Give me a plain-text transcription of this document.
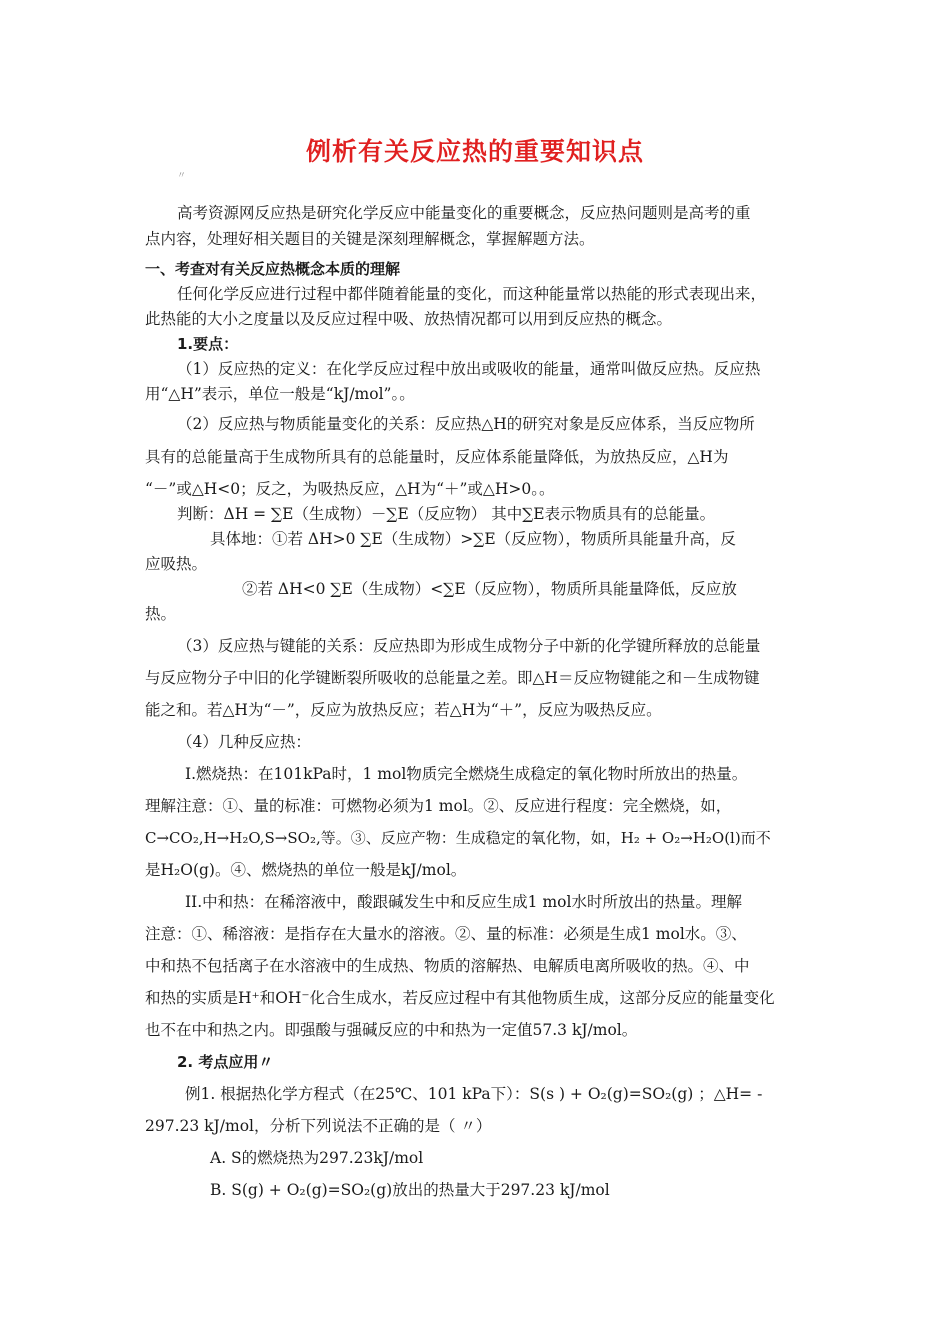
例析有关反应热的重要知识点
〃
高考资源网反应热是研究化学反应中能量变化的重要概念，反应热问题则是高考的重
点内容，处理好相关题目的关键是深刻理解概念，掌握解题方法。
一、考查对有关反应热概念本质的理解
任何化学反应进行过程中都伴随着能量的变化，而这种能量常以热能的形式表现出来，
此热能的大小之度量以及反应过程中吸、放热情况都可以用到反应热的概念。
1.要点：
（1）反应热的定义：在化学反应过程中放出或吸收的能量，通常叫做反应热。反应热
用“△H”表示，单位一般是“kJ/mol”。。
（2）反应热与物质能量变化的关系：反应热△H的研究对象是反应体系，当反应物所
具有的总能量高于生成物所具有的总能量时，反应体系能量降低，为放热反应，△H为
“－”或△H<0；反之，为吸热反应，△H为“＋”或△H>0。。
判断：ΔH = ∑E（生成物）－∑E（反应物） 其中∑E表示物质具有的总能量。
具体地：①若 ΔH>0 ∑E（生成物）>∑E（反应物），物质所具能量升高，反
应吸热。
②若 ΔH<0 ∑E（生成物）<∑E（反应物），物质所具能量降低，反应放
热。
（3）反应热与键能的关系：反应热即为形成生成物分子中新的化学键所释放的总能量
与反应物分子中旧的化学键断裂所吸收的总能量之差。即△H＝反应物键能之和－生成物键
能之和。若△H为“－”，反应为放热反应；若△H为“＋”，反应为吸热反应。
（4）几种反应热：
I.燃烧热：在101kPa时，1 mol物质完全燃烧生成稳定的氧化物时所放出的热量。
理解注意：①、量的标准：可燃物必须为1 mol。②、反应进行程度：完全燃烧，如，
C→CO₂,H→H₂O,S→SO₂,等。③、反应产物：生成稳定的氧化物，如，H₂ + O₂→H₂O(l)而不
是H₂O(g)。④、燃烧热的单位一般是kJ/mol。
II.中和热：在稀溶液中，酸跟碱发生中和反应生成1 mol水时所放出的热量。理解
注意：①、稀溶液：是指存在大量水的溶液。②、量的标准：必须是生成1 mol水。③、
中和热不包括离子在水溶液中的生成热、物质的溶解热、电解质电离所吸收的热。④、中
和热的实质是H⁺和OH⁻化合生成水，若反应过程中有其他物质生成，这部分反应的能量变化
也不在中和热之内。即强酸与强碱反应的中和热为一定值57.3 kJ/mol。
2. 考点应用〃
例1. 根据热化学方程式（在25℃、101 kPa下）：S(s ) + O₂(g)=SO₂(g) ；△H= -
297.23 kJ/mol，分析下列说法不正确的是（ 〃）
A. S的燃烧热为297.23kJ/mol
B. S(g) + O₂(g)=SO₂(g)放出的热量大于297.23 kJ/mol
